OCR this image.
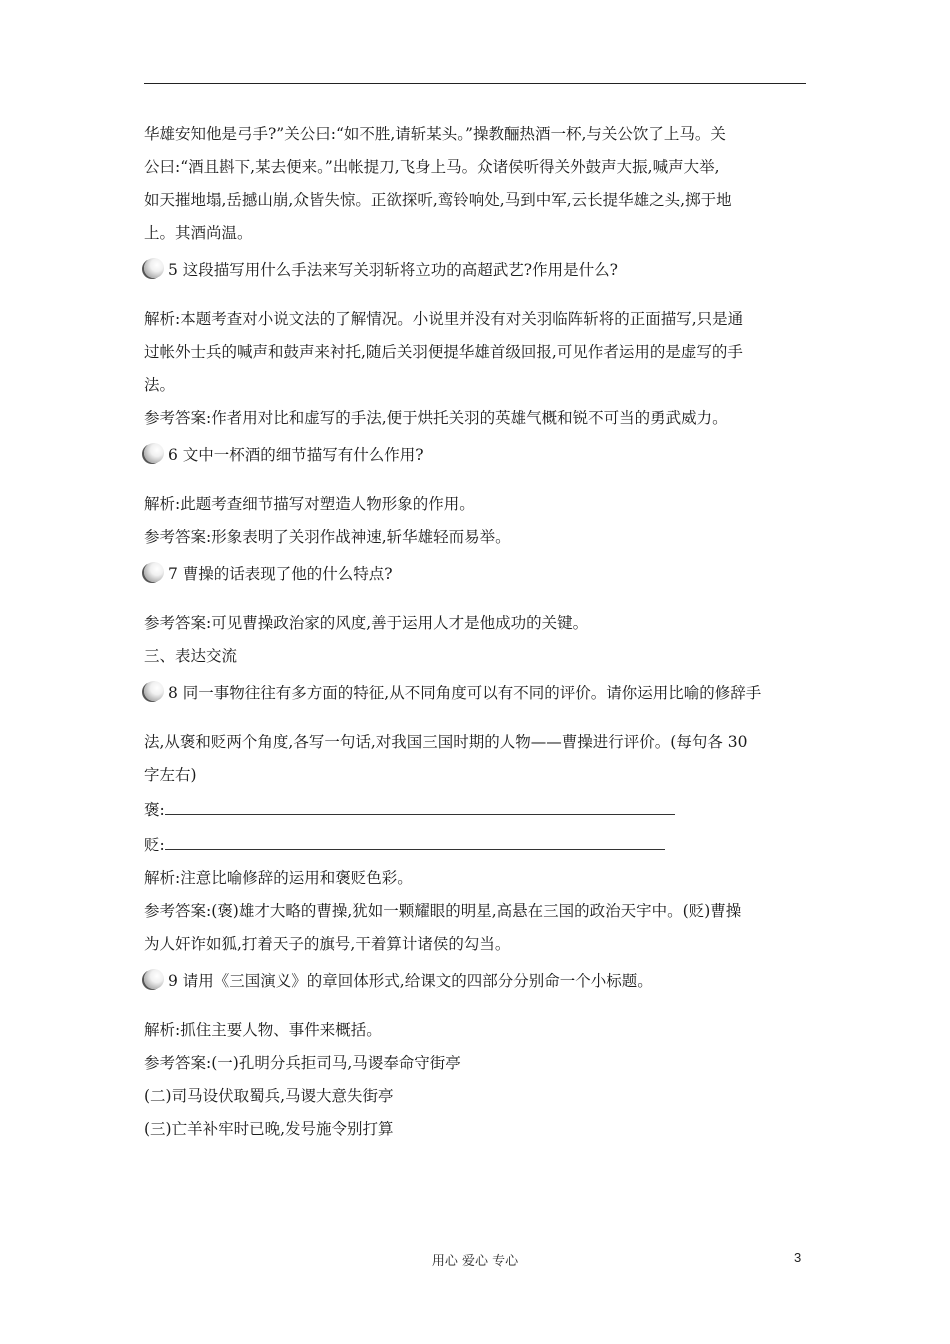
华雄安知他是弓手?”关公曰:“如不胜,请斩某头。”操教酾热酒一杯,与关公饮了上马。关

公曰:“酒且斟下,某去便来。”出帐提刀,飞身上马。众诸侯听得关外鼓声大振,喊声大举,

如天摧地塌,岳撼山崩,众皆失惊。正欲探听,鸾铃响处,马到中军,云长提华雄之头,掷于地

上。其酒尚温。

5 这段描写用什么手法来写关羽斩将立功的高超武艺?作用是什么?

解析:本题考查对小说文法的了解情况。小说里并没有对关羽临阵斩将的正面描写,只是通

过帐外士兵的喊声和鼓声来衬托,随后关羽便提华雄首级回报,可见作者运用的是虚写的手

法。

参考答案:作者用对比和虚写的手法,便于烘托关羽的英雄气概和锐不可当的勇武威力。

6 文中一杯酒的细节描写有什么作用?

解析:此题考查细节描写对塑造人物形象的作用。

参考答案:形象表明了关羽作战神速,斩华雄轻而易举。

7 曹操的话表现了他的什么特点?

参考答案:可见曹操政治家的风度,善于运用人才是他成功的关键。

三、表达交流

8 同一事物往往有多方面的特征,从不同角度可以有不同的评价。请你运用比喻的修辞手

法,从褒和贬两个角度,各写一句话,对我国三国时期的人物——曹操进行评价。(每句各 30

字左右)

褒:

贬:

解析:注意比喻修辞的运用和褒贬色彩。

参考答案:(褒)雄才大略的曹操,犹如一颗耀眼的明星,高悬在三国的政治天宇中。(贬)曹操

为人奸诈如狐,打着天子的旗号,干着算计诸侯的勾当。

9 请用《三国演义》的章回体形式,给课文的四部分分别命一个小标题。

解析:抓住主要人物、事件来概括。

参考答案:(一)孔明分兵拒司马,马谡奉命守街亭

(二)司马设伏取蜀兵,马谡大意失街亭

(三)亡羊补牢时已晚,发号施令别打算

用心 爱心 专心	3
